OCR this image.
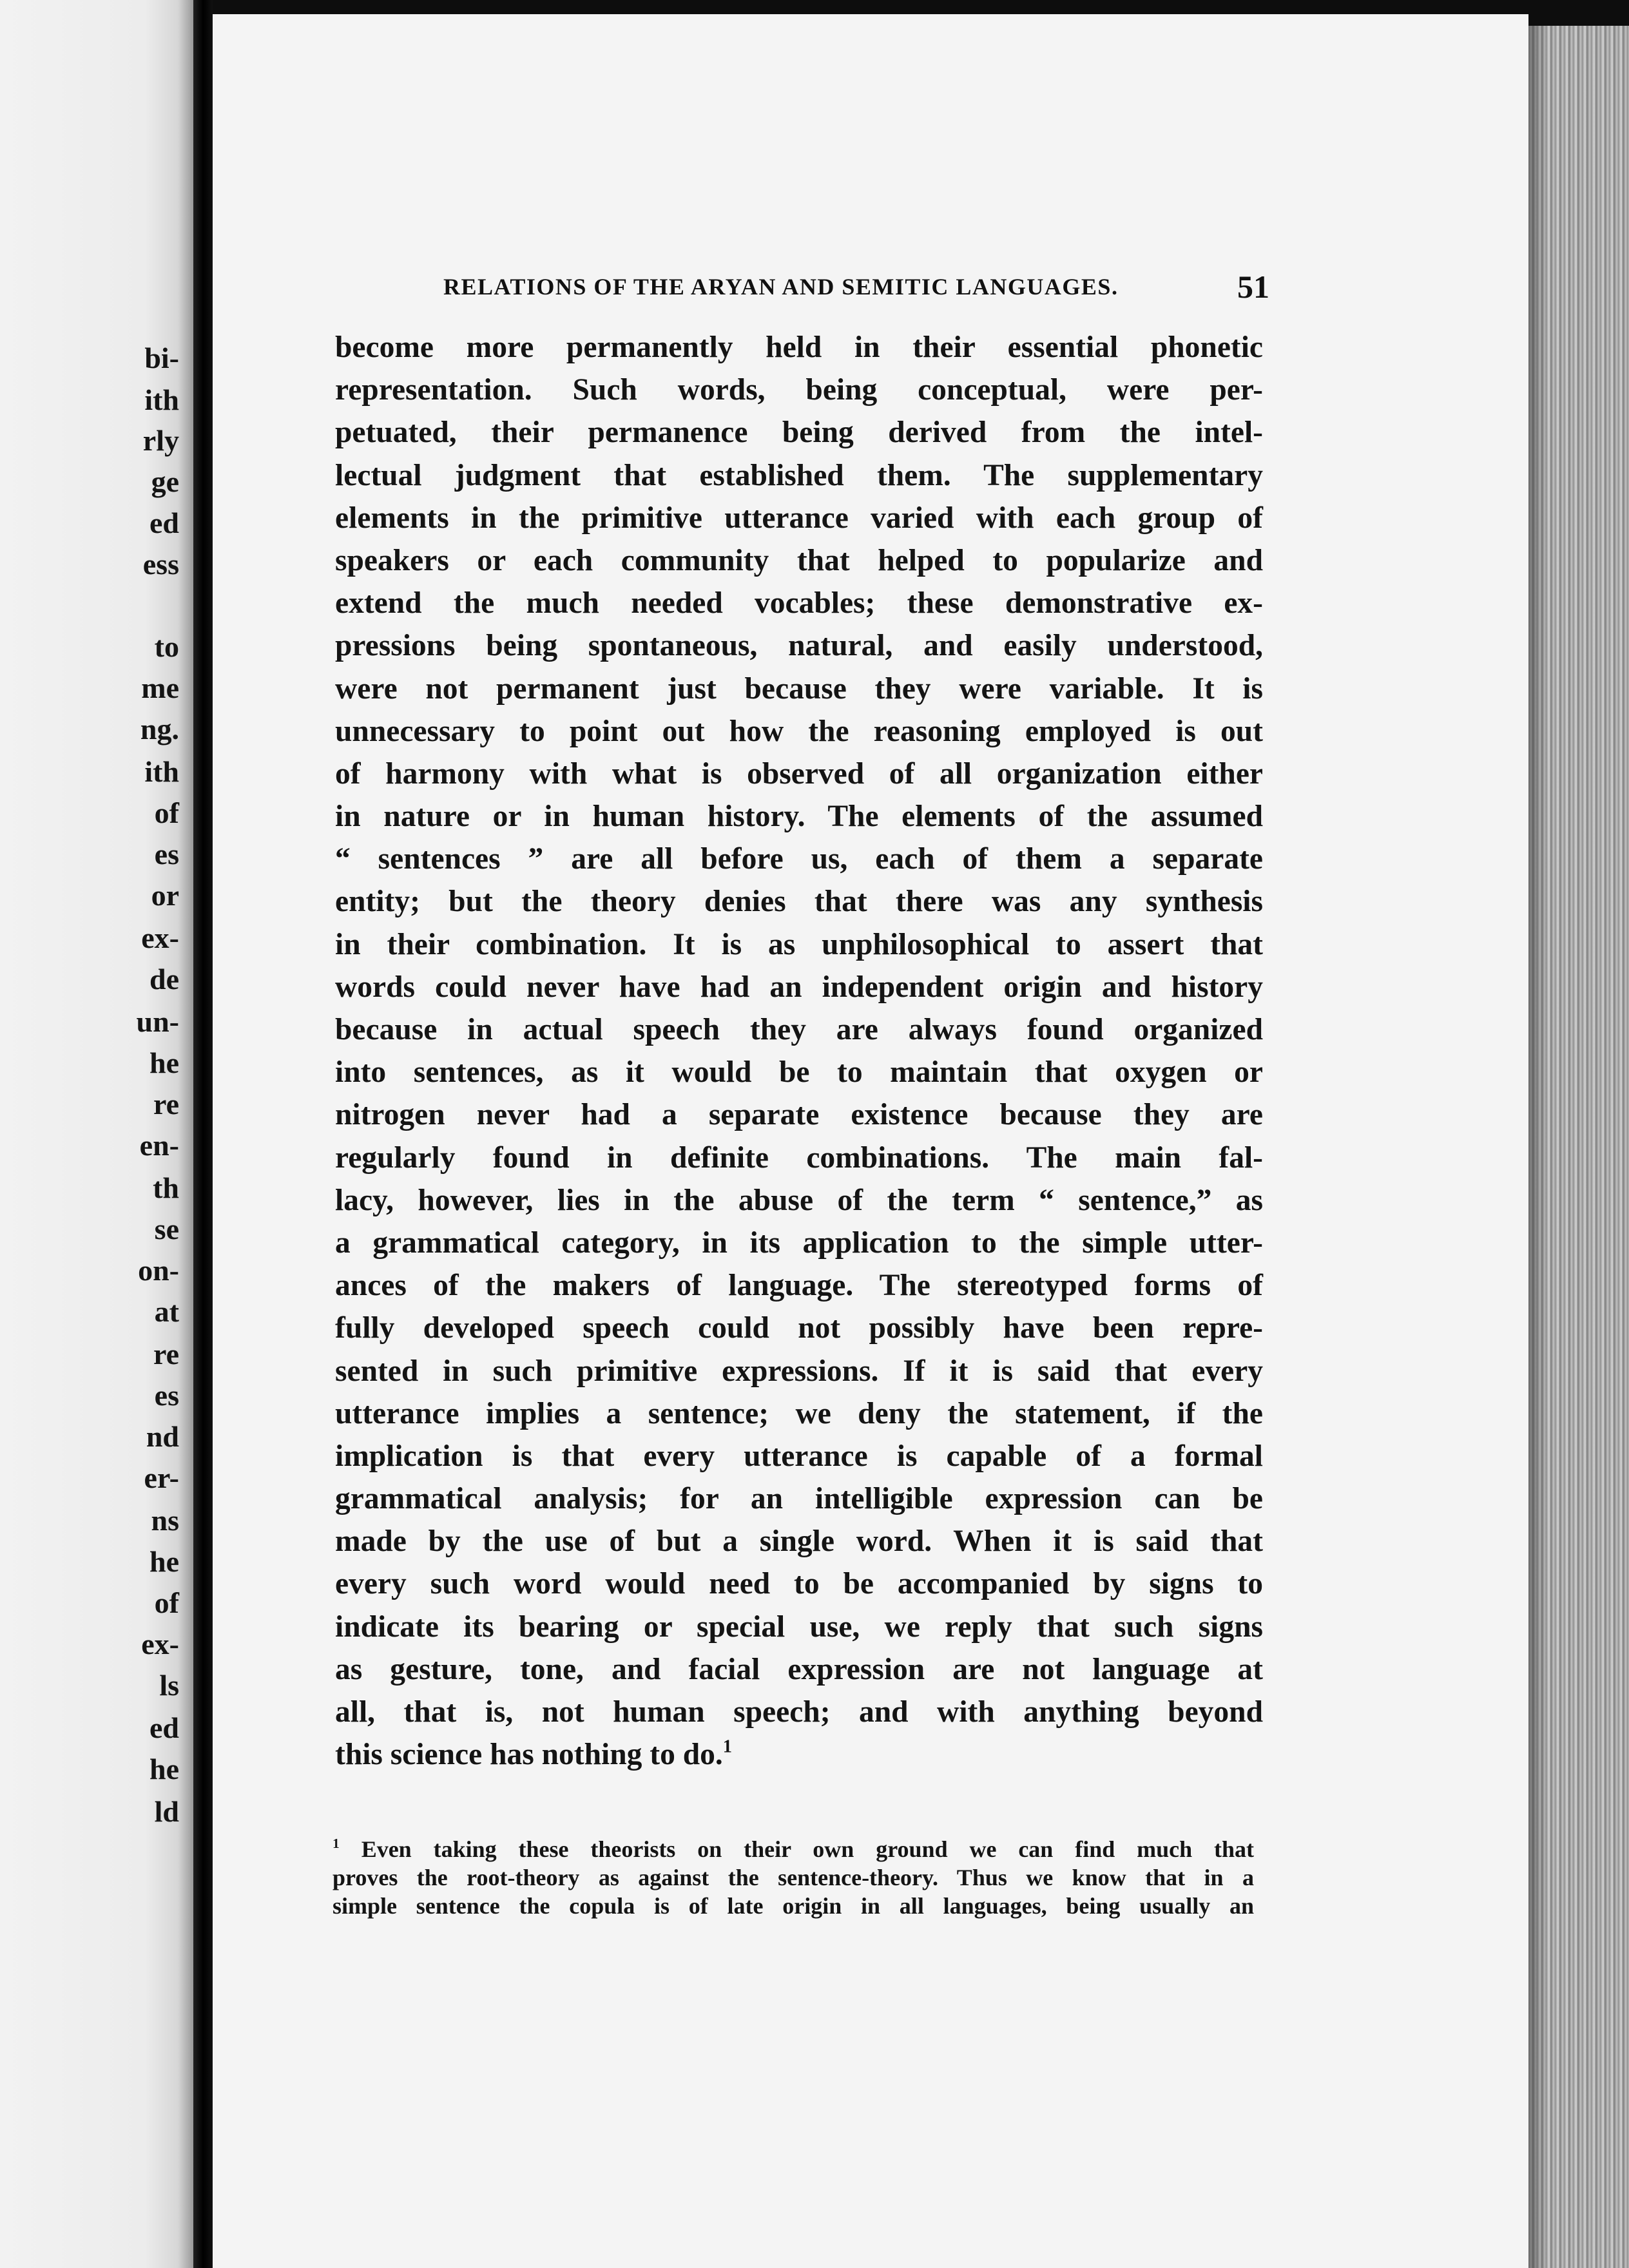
bi-
ith
rly
ge
ed
ess
to
me
ng.
ith
of
es
or
ex-
de
un-
he
re
en-
th
se
on-
at
re
es
nd
er-
ns
he
of
ex-
ls
ed
he
ld
RELATIONS OF THE ARYAN AND SEMITIC LANGUAGES.	51
become more permanently held in their essential phonetic
representation. Such words, being conceptual, were per-
petuated, their permanence being derived from the intel-
lectual judgment that established them. The supplementary
elements in the primitive utterance varied with each group of
speakers or each community that helped to popularize and
extend the much needed vocables; these demonstrative ex-
pressions being spontaneous, natural, and easily understood,
were not permanent just because they were variable. It is
unnecessary to point out how the reasoning employed is out
of harmony with what is observed of all organization either
in nature or in human history. The elements of the assumed
“ sentences ” are all before us, each of them a separate
entity; but the theory denies that there was any synthesis
in their combination. It is as unphilosophical to assert that
words could never have had an independent origin and history
because in actual speech they are always found organized
into sentences, as it would be to maintain that oxygen or
nitrogen never had a separate existence because they are
regularly found in definite combinations. The main fal-
lacy, however, lies in the abuse of the term “ sentence,” as
a grammatical category, in its application to the simple utter-
ances of the makers of language. The stereotyped forms of
fully developed speech could not possibly have been repre-
sented in such primitive expressions. If it is said that every
utterance implies a sentence; we deny the statement, if the
implication is that every utterance is capable of a formal
grammatical analysis; for an intelligible expression can be
made by the use of but a single word. When it is said that
every such word would need to be accompanied by signs to
indicate its bearing or special use, we reply that such signs
as gesture, tone, and facial expression are not language at
all, that is, not human speech; and with anything beyond
this science has nothing to do.$^1$
$^1$ Even taking these theorists on their own ground we can find much that
proves the root-theory as against the sentence-theory. Thus we know that in a
simple sentence the copula is of late origin in all languages, being usually an
